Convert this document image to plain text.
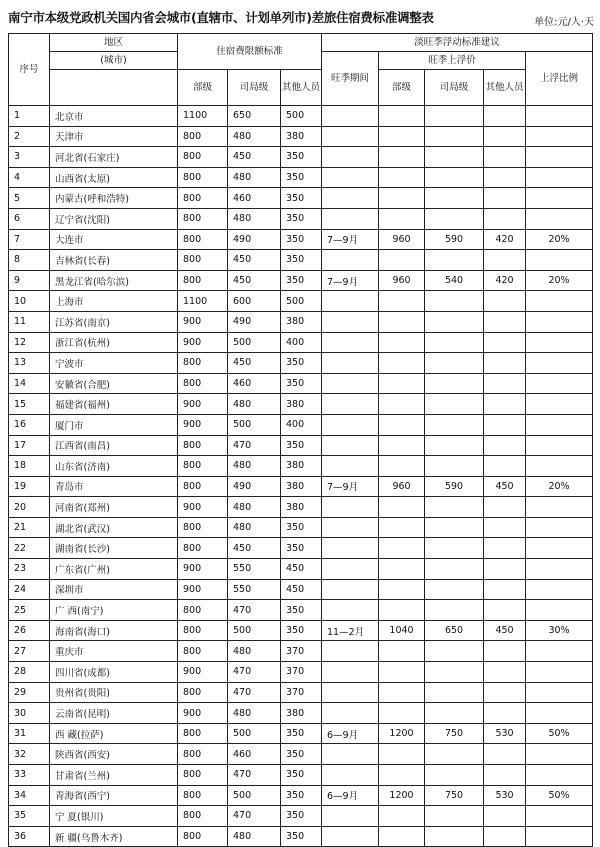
南宁市本级党政机关国内省会城市(直辖市、计划单列市)差旅住宿费标准调整表	单位:元/人·天
序号	地区	住宿费限额标准			淡旺季浮动标准建议				
	(城市)				旺季期间	旺季上浮价			上浮比例
		部级	司局级	其他人员		部级	司局级	其他人员	
1	北京市	1100	650	500					
2	天津市	800	480	380					
3	河北省(石家庄)	800	450	350					
4	山西省(太原)	800	480	350					
5	内蒙古(呼和浩特)	800	460	350					
6	辽宁省(沈阳)	800	480	350					
7	大连市	800	490	350	7—9月	960	590	420	20%
8	吉林省(长春)	800	450	350					
9	黑龙江省(哈尔滨)	800	450	350	7—9月	960	540	420	20%
10	上海市	1100	600	500					
11	江苏省(南京)	900	490	380					
12	浙江省(杭州)	900	500	400					
13	宁波市	800	450	350					
14	安徽省(合肥)	800	460	350					
15	福建省(福州)	900	480	380					
16	厦门市	900	500	400					
17	江西省(南昌)	800	470	350					
18	山东省(济南)	800	480	380					
19	青岛市	800	490	380	7—9月	960	590	450	20%
20	河南省(郑州)	900	480	380					
21	湖北省(武汉)	800	480	350					
22	湖南省(长沙)	800	450	350					
23	广东省(广州)	900	550	450					
24	深圳市	900	550	450					
25	广 西(南宁)	800	470	350					
26	海南省(海口)	800	500	350	11—2月	1040	650	450	30%
27	重庆市	800	480	370					
28	四川省(成都)	900	470	370					
29	贵州省(贵阳)	800	470	370					
30	云南省(昆明)	900	480	380					
31	西 藏(拉萨)	800	500	350	6—9月	1200	750	530	50%
32	陕西省(西安)	800	460	350					
33	甘肃省(兰州)	800	470	350					
34	青海省(西宁)	800	500	350	6—9月	1200	750	530	50%
35	宁 夏(银川)	800	470	350					
36	新 疆(乌鲁木齐)	800	480	350					
